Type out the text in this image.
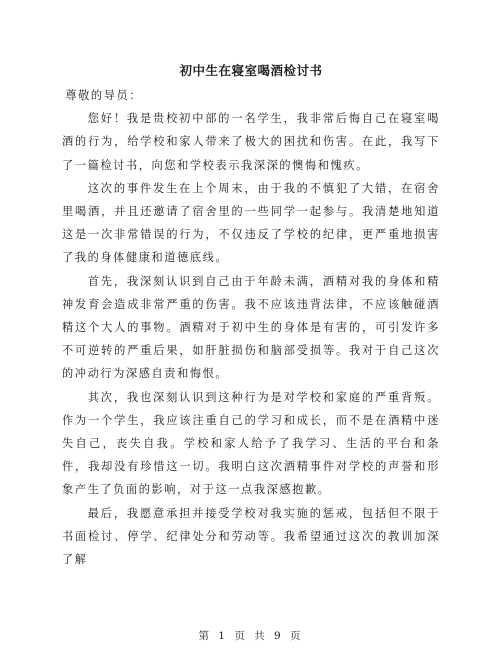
初中生在寝室喝酒检讨书

尊敬的导员：

您好！我是贵校初中部的一名学生，我非常后悔自己在寝室喝酒的行为，给学校和家人带来了极大的困扰和伤害。在此，我写下了一篇检讨书，向您和学校表示我深深的懊悔和愧疚。

这次的事件发生在上个周末，由于我的不慎犯了大错，在宿舍里喝酒，并且还邀请了宿舍里的一些同学一起参与。我清楚地知道这是一次非常错误的行为，不仅违反了学校的纪律，更严重地损害了我的身体健康和道德底线。

首先，我深刻认识到自己由于年龄未满，酒精对我的身体和精神发育会造成非常严重的伤害。我不应该违背法律，不应该触碰酒精这个大人的事物。酒精对于初中生的身体是有害的，可引发许多不可逆转的严重后果，如肝脏损伤和脑部受损等。我对于自己这次的冲动行为深感自责和悔恨。

其次，我也深刻认识到这种行为是对学校和家庭的严重背叛。作为一个学生，我应该注重自己的学习和成长，而不是在酒精中迷失自己，丧失自我。学校和家人给予了我学习、生活的平台和条件，我却没有珍惜这一切。我明白这次酒精事件对学校的声誉和形象产生了负面的影响，对于这一点我深感抱歉。

最后，我愿意承担并接受学校对我实施的惩戒，包括但不限于书面检讨、停学、纪律处分和劳动等。我希望通过这次的教训加深了解

第 1 页 共 9 页
